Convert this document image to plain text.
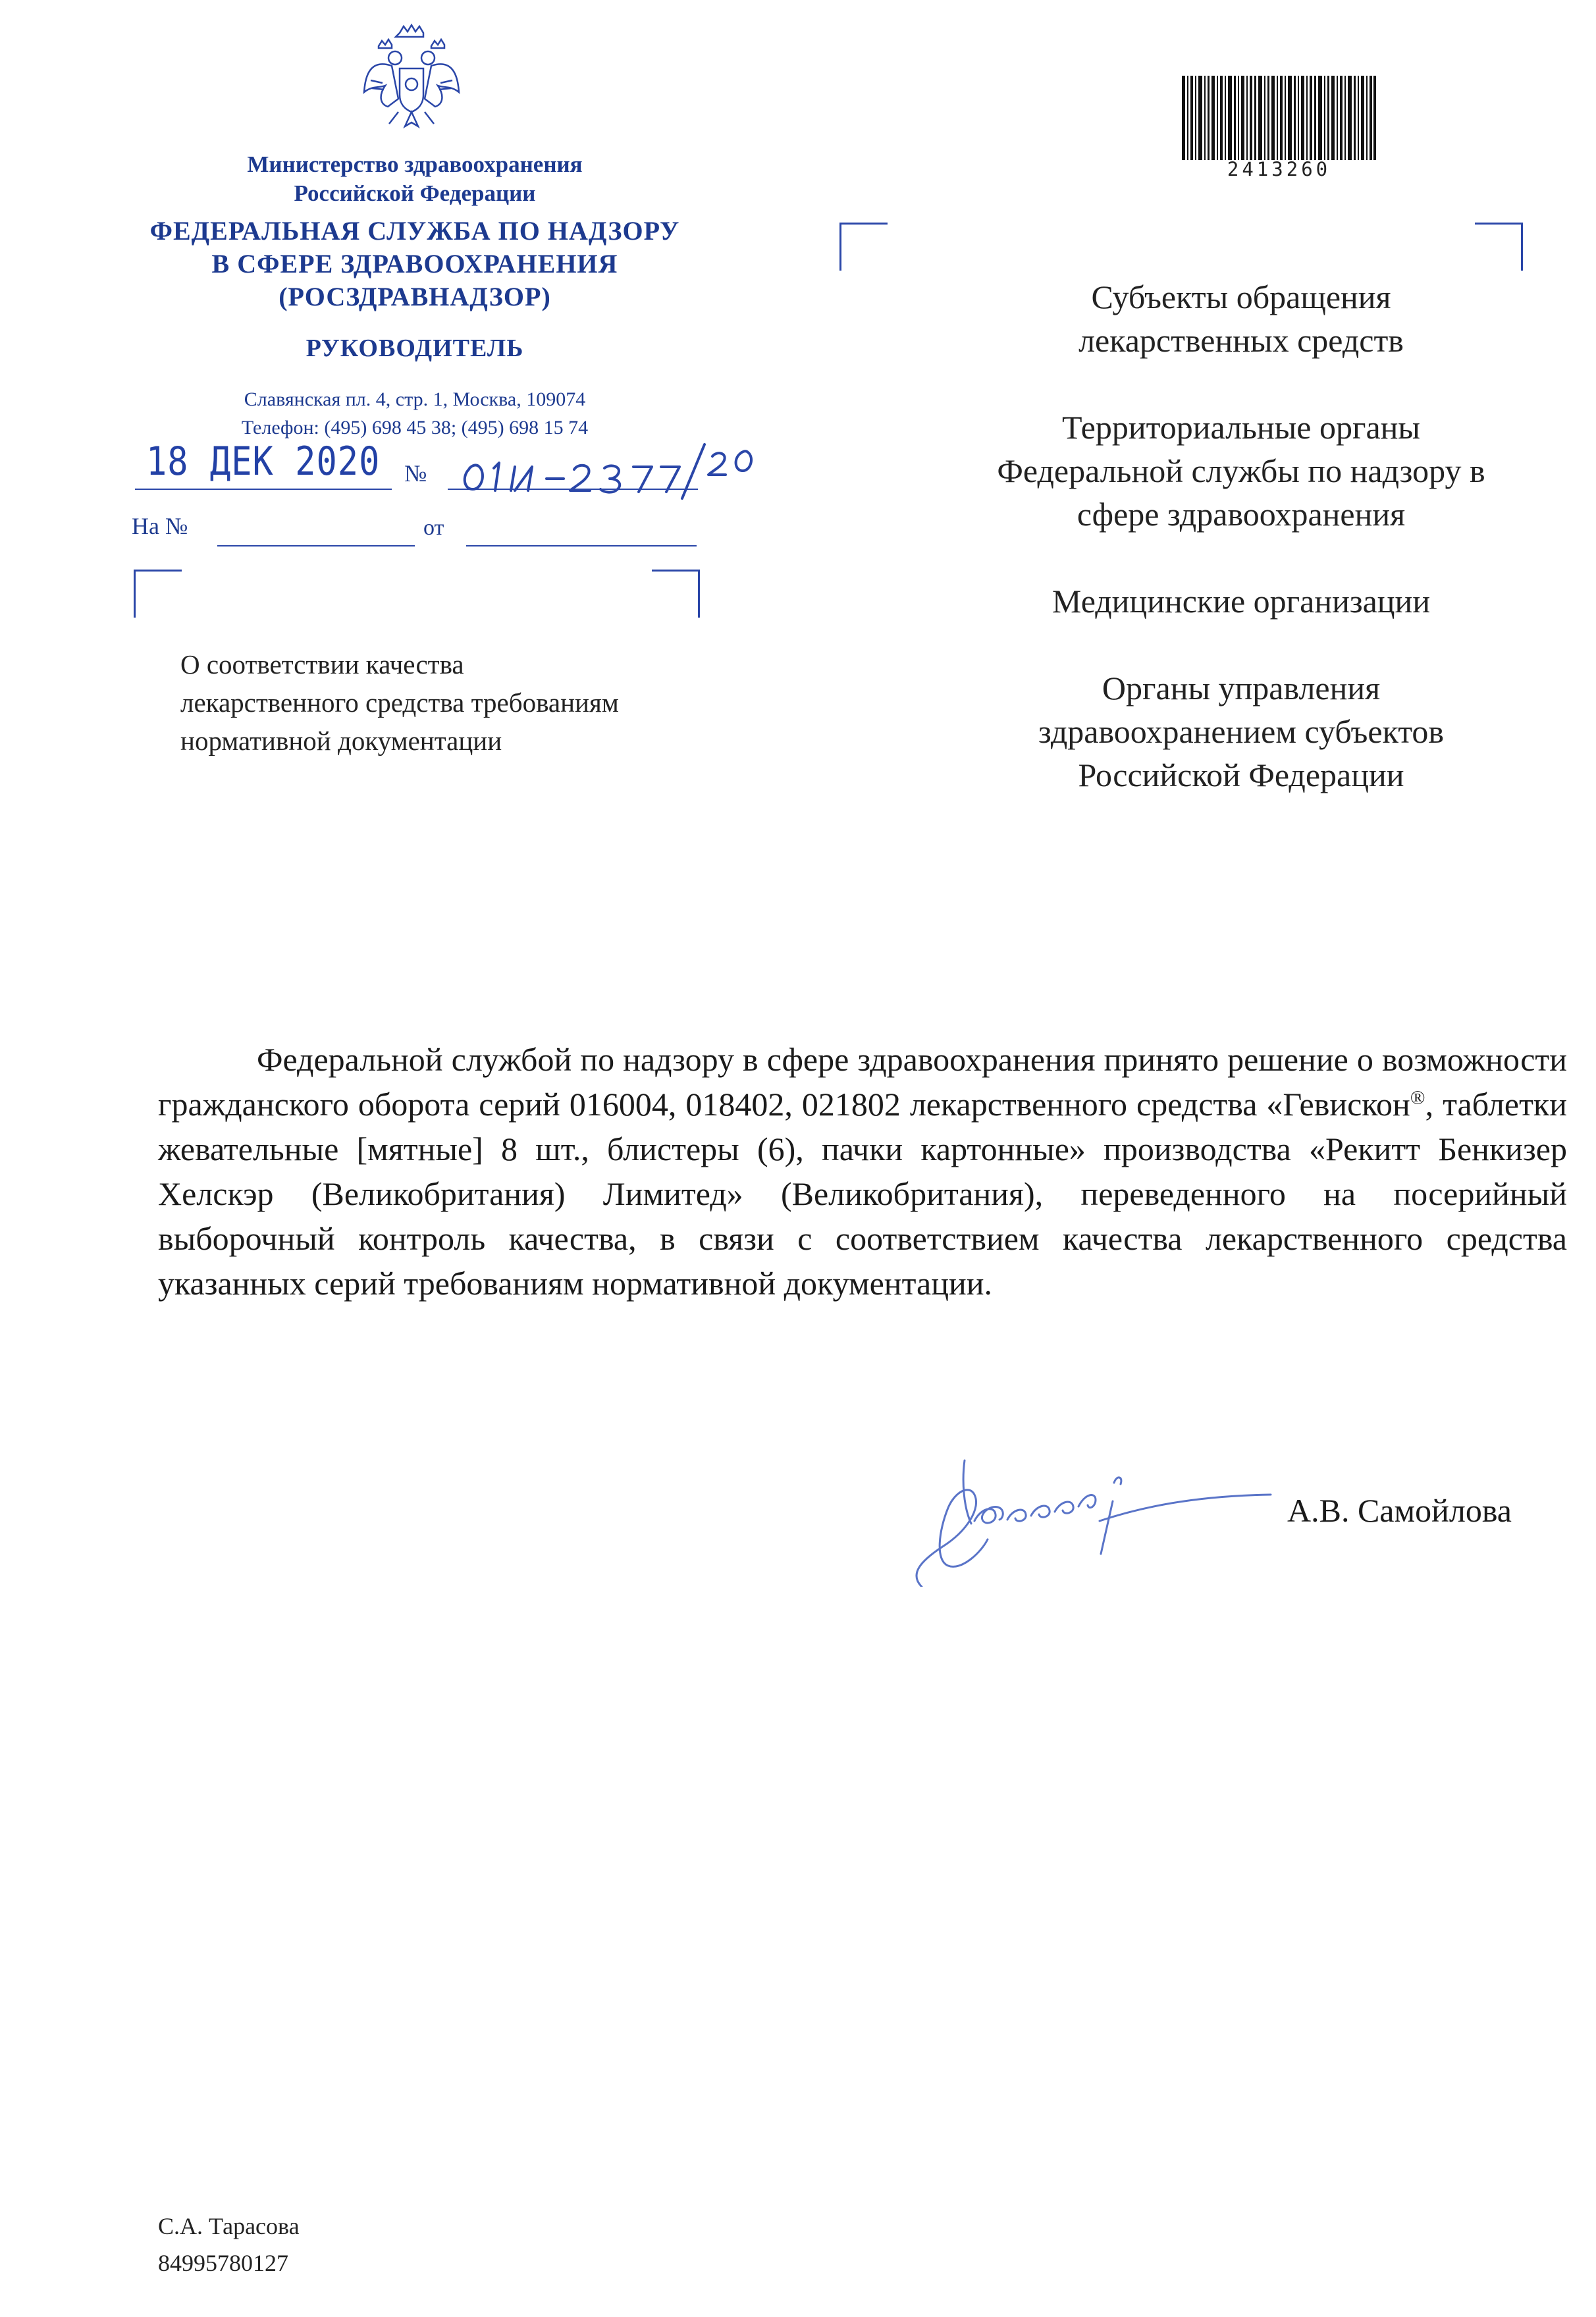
Министерство здравоохранения
Российской Федерации
ФЕДЕРАЛЬНАЯ СЛУЖБА ПО НАДЗОРУ
В СФЕРЕ ЗДРАВООХРАНЕНИЯ
(РОСЗДРАВНАДЗОР)
РУКОВОДИТЕЛЬ
Славянская пл. 4, стр. 1, Москва, 109074
Телефон: (495) 698 45 38; (495) 698 15 74
18 ДЕК 2020 №
На №	от
О соответствии качества
лекарственного средства требованиям
нормативной документации
2413260

Субъекты обращения
лекарственных средств

Территориальные органы
Федеральной службы по надзору в
сфере здравоохранения

Медицинские организации

Органы управления
здравоохранением субъектов
Российской Федерации

Федеральной службой по надзору в сфере здравоохранения принято решение о возможности гражданского оборота серий 016004, 018402, 021802 лекарственного средства «Гевискон®, таблетки жевательные [мятные] 8 шт., блистеры (6), пачки картонные» производства «Рекитт Бенкизер Хелскэр (Великобритания) Лимитед» (Великобритания), переведенного на посерийный выборочный контроль качества, в связи с соответствием качества лекарственного средства указанных серий требованиям нормативной документации.

А.В. Самойлова
С.А. Тарасова
84995780127
